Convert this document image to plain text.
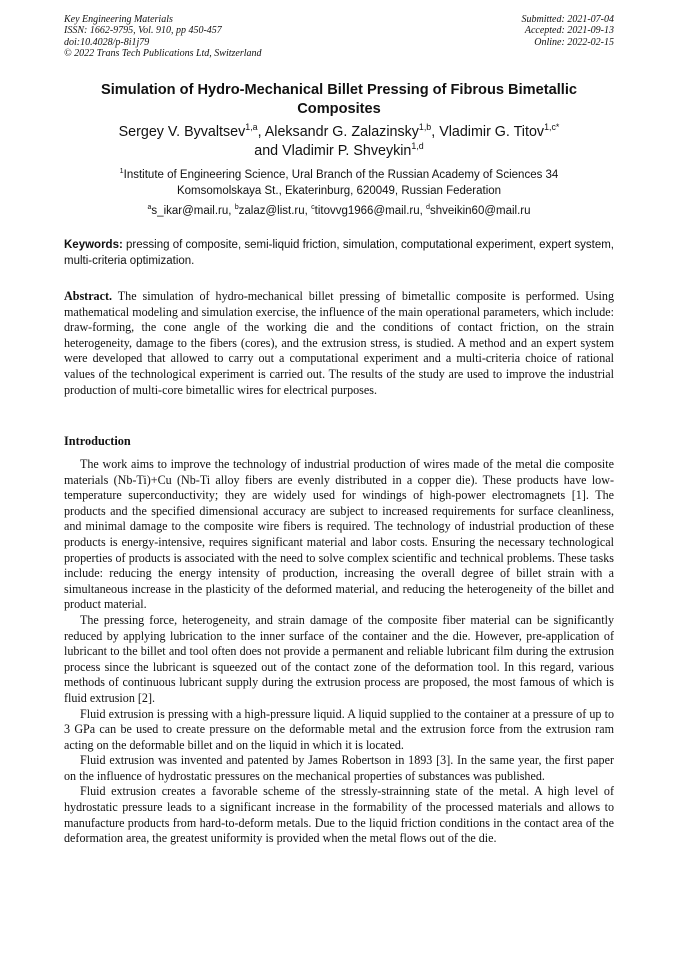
Key Engineering Materials
ISSN: 1662-9795, Vol. 910, pp 450-457
doi:10.4028/p-8i1j79
© 2022 Trans Tech Publications Ltd, Switzerland
Submitted: 2021-07-04
Accepted: 2021-09-13
Online: 2022-02-15
Simulation of Hydro-Mechanical Billet Pressing of Fibrous Bimetallic Composites
Sergey V. Byvaltsev$^{1,a}$, Aleksandr G. Zalazinsky$^{1,b}$, Vladimir G. Titov$^{1,c*}$
and Vladimir P. Shveykin$^{1,d}$
$^1$Institute of Engineering Science, Ural Branch of the Russian Academy of Sciences 34
Komsomolskaya St., Ekaterinburg, 620049, Russian Federation
$^a$s_ikar@mail.ru, $^b$zalaz@list.ru, $^c$titovvg1966@mail.ru, $^d$shveikin60@mail.ru
Keywords: pressing of composite, semi-liquid friction, simulation, computational experiment, expert system, multi-criteria optimization.
Abstract. The simulation of hydro-mechanical billet pressing of bimetallic composite is performed. Using mathematical modeling and simulation exercise, the influence of the main operational parameters, which include: draw-forming, the cone angle of the working die and the conditions of contact friction, on the strain heterogeneity, damage to the fibers (cores), and the extrusion stress, is studied. A method and an expert system were developed that allowed to carry out a computational experiment and a multi-criteria choice of rational values of the technological experiment is carried out. The results of the study are used to improve the industrial production of multi-core bimetallic wires for electrical purposes.
Introduction

The work aims to improve the technology of industrial production of wires made of the metal die composite materials (Nb-Ti)+Cu (Nb-Ti alloy fibers are evenly distributed in a copper die). These products have low-temperature superconductivity; they are widely used for windings of high-power electromagnets [1]. The products and the specified dimensional accuracy are subject to increased requirements for surface cleanliness, and minimal damage to the composite wire fibers is required. The technology of industrial production of these products is energy-intensive, requires significant material and labor costs. Ensuring the necessary technological properties of products is associated with the need to solve complex scientific and technical problems. These tasks include: reducing the energy intensity of production, increasing the overall degree of billet strain with a simultaneous increase in the plasticity of the deformed material, and reducing the heterogeneity of the billet and product material.

The pressing force, heterogeneity, and strain damage of the composite fiber material can be significantly reduced by applying lubrication to the inner surface of the container and the die. However, pre-application of lubricant to the billet and tool often does not provide a permanent and reliable lubricant film during the extrusion process since the lubricant is squeezed out of the contact zone of the deformation tool. In this regard, various methods of continuous lubricant supply during the extrusion process are proposed, the most famous of which is fluid extrusion [2].

Fluid extrusion is pressing with a high-pressure liquid. A liquid supplied to the container at a pressure of up to 3 GPa can be used to create pressure on the deformable metal and the extrusion force from the extrusion ram acting on the deformable billet and on the liquid in which it is located.

Fluid extrusion was invented and patented by James Robertson in 1893 [3]. In the same year, the first paper on the influence of hydrostatic pressures on the mechanical properties of substances was published.

Fluid extrusion creates a favorable scheme of the stressly-strainning state of the metal. A high level of hydrostatic pressure leads to a significant increase in the formability of the processed materials and allows to manufacture products from hard-to-deform metals. Due to the liquid friction conditions in the contact area of the deformation area, the greatest uniformity is provided when the metal flows out of the die.
